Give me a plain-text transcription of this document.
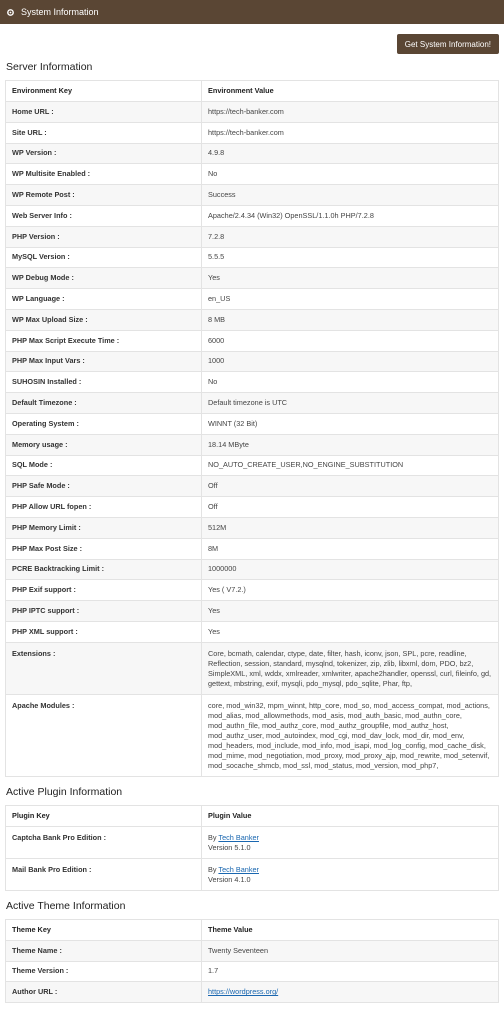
System Information
Get System Information!
Server Information
Environment Key	Environment Value
Home URL :	https://tech-banker.com
Site URL :	https://tech-banker.com
WP Version :	4.9.8
WP Multisite Enabled :	No
WP Remote Post :	Success
Web Server Info :	Apache/2.4.34 (Win32) OpenSSL/1.1.0h PHP/7.2.8
PHP Version :	7.2.8
MySQL Version :	5.5.5
WP Debug Mode :	Yes
WP Language :	en_US
WP Max Upload Size :	8 MB
PHP Max Script Execute Time :	6000
PHP Max Input Vars :	1000
SUHOSIN Installed :	No
Default Timezone :	Default timezone is UTC
Operating System :	WINNT (32 Bit)
Memory usage :	18.14 MByte
SQL Mode :	NO_AUTO_CREATE_USER,NO_ENGINE_SUBSTITUTION
PHP Safe Mode :	Off
PHP Allow URL fopen :	Off
PHP Memory Limit :	512M
PHP Max Post Size :	8M
PCRE Backtracking Limit :	1000000
PHP Exif support :	Yes ( V7.2.)
PHP IPTC support :	Yes
PHP XML support :	Yes
Extensions :	Core, bcmath, calendar, ctype, date, filter, hash, iconv, json, SPL, pcre, readline, Reflection, session, standard, mysqlnd, tokenizer, zip, zlib, libxml, dom, PDO, bz2, SimpleXML, xml, wddx, xmlreader, xmlwriter, apache2handler, openssl, curl, fileinfo, gd, gettext, mbstring, exif, mysqli, pdo_mysql, pdo_sqlite, Phar, ftp,
Apache Modules :	core, mod_win32, mpm_winnt, http_core, mod_so, mod_access_compat, mod_actions, mod_alias, mod_allowmethods, mod_asis, mod_auth_basic, mod_authn_core, mod_authn_file, mod_authz_core, mod_authz_groupfile, mod_authz_host, mod_authz_user, mod_autoindex, mod_cgi, mod_dav_lock, mod_dir, mod_env, mod_headers, mod_include, mod_info, mod_isapi, mod_log_config, mod_cache_disk, mod_mime, mod_negotiation, mod_proxy, mod_proxy_ajp, mod_rewrite, mod_setenvif, mod_socache_shmcb, mod_ssl, mod_status, mod_version, mod_php7,
Active Plugin Information
Plugin Key	Plugin Value
Captcha Bank Pro Edition :	By Tech Banker
Version 5.1.0
Mail Bank Pro Edition :	By Tech Banker
Version 4.1.0
Active Theme Information
Theme Key	Theme Value
Theme Name :	Twenty Seventeen
Theme Version :	1.7
Author URL :	https://wordpress.org/
